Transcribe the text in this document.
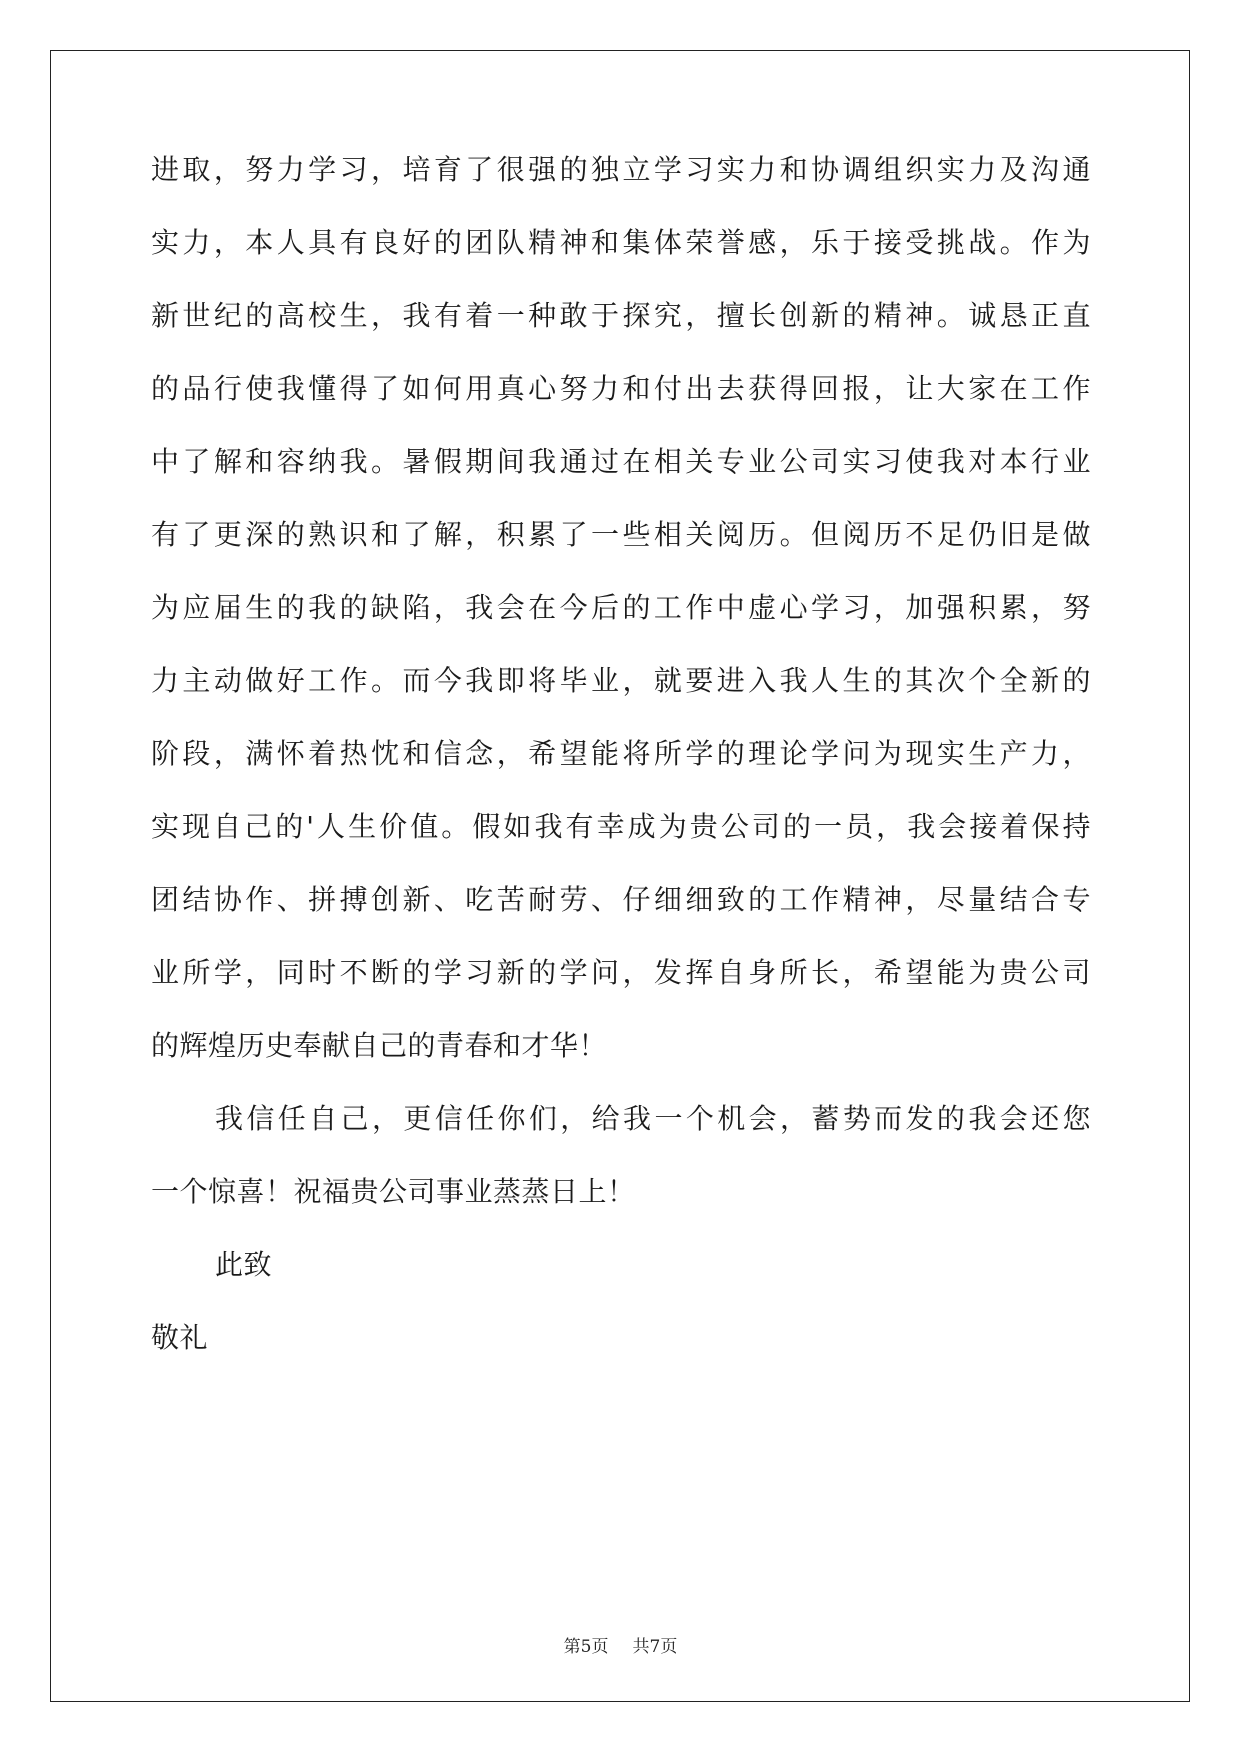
进取，努力学习，培育了很强的独立学习实力和协调组织实力及沟通
实力，本人具有良好的团队精神和集体荣誉感，乐于接受挑战。作为
新世纪的高校生，我有着一种敢于探究，擅长创新的精神。诚恳正直
的品行使我懂得了如何用真心努力和付出去获得回报，让大家在工作
中了解和容纳我。暑假期间我通过在相关专业公司实习使我对本行业
有了更深的熟识和了解，积累了一些相关阅历。但阅历不足仍旧是做
为应届生的我的缺陷，我会在今后的工作中虚心学习，加强积累，努
力主动做好工作。而今我即将毕业，就要进入我人生的其次个全新的
阶段，满怀着热忱和信念，希望能将所学的理论学问为现实生产力，
实现自己的'人生价值。假如我有幸成为贵公司的一员，我会接着保持
团结协作、拼搏创新、吃苦耐劳、仔细细致的工作精神，尽量结合专
业所学，同时不断的学习新的学问，发挥自身所长，希望能为贵公司
的辉煌历史奉献自己的青春和才华！
我信任自己，更信任你们，给我一个机会，蓄势而发的我会还您
一个惊喜！祝福贵公司事业蒸蒸日上！
此致
敬礼
第5页 共7页
